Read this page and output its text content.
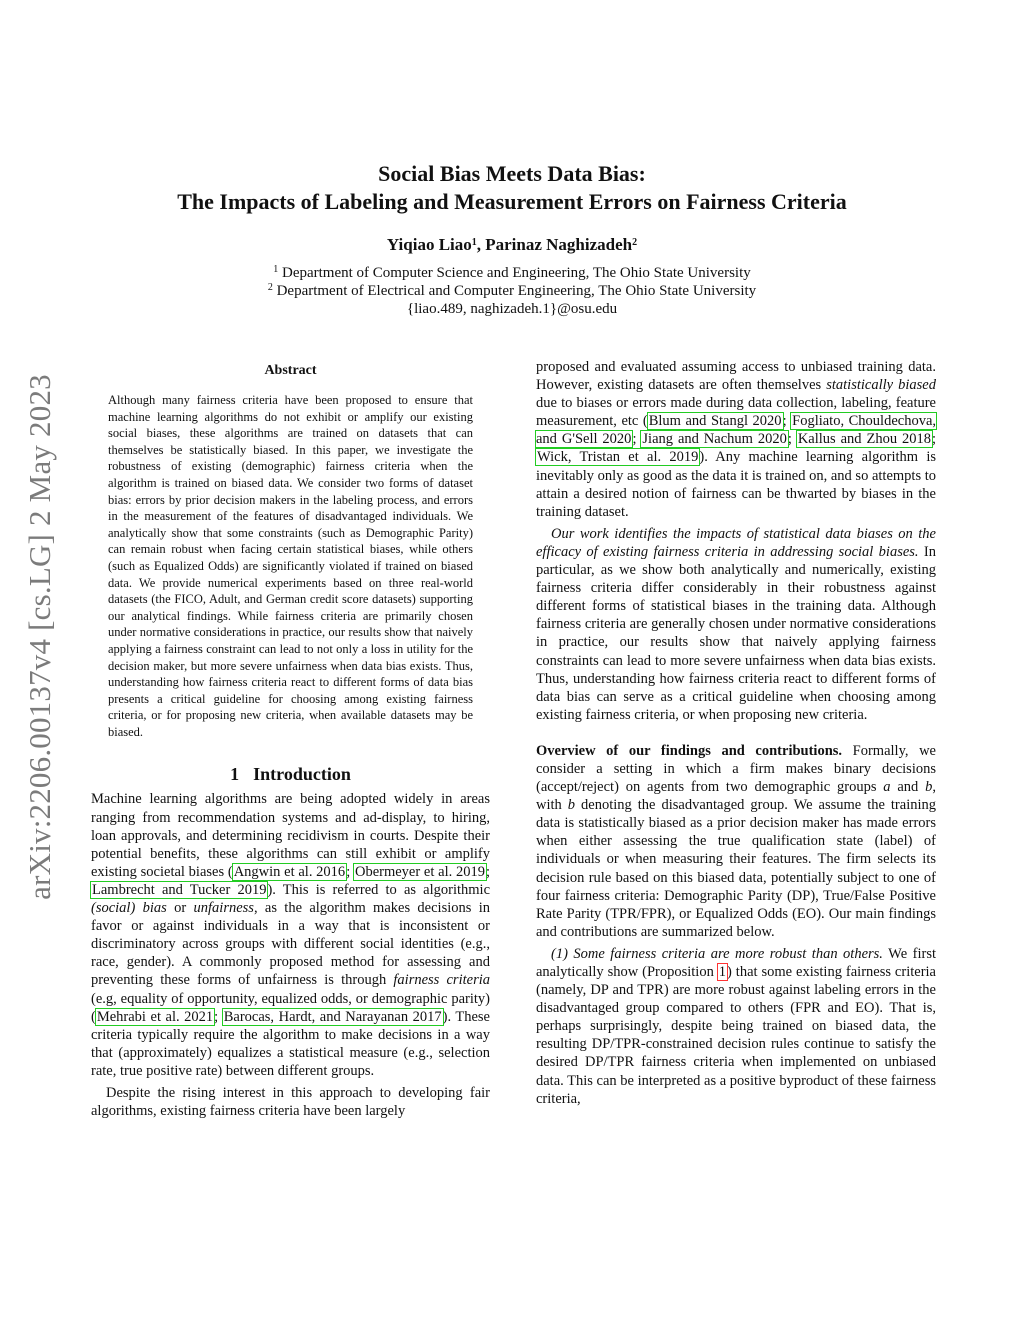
arXiv:2206.00137v4 [cs.LG] 2 May 2023
Social Bias Meets Data Bias:
The Impacts of Labeling and Measurement Errors on Fairness Criteria
Yiqiao Liao$^1$, Parinaz Naghizadeh$^2$
$^1$ Department of Computer Science and Engineering, The Ohio State University
$^2$ Department of Electrical and Computer Engineering, The Ohio State University
{liao.489, naghizadeh.1}@osu.edu
Abstract
Although many fairness criteria have been proposed to ensure that machine learning algorithms do not exhibit or amplify our existing social biases, these algorithms are trained on datasets that can themselves be statistically biased. In this paper, we investigate the robustness of existing (demographic) fairness criteria when the algorithm is trained on biased data. We consider two forms of dataset bias: errors by prior decision makers in the labeling process, and errors in the measurement of the features of disadvantaged individuals. We analytically show that some constraints (such as Demographic Parity) can remain robust when facing certain statistical biases, while others (such as Equalized Odds) are significantly violated if trained on biased data. We provide numerical experiments based on three real-world datasets (the FICO, Adult, and German credit score datasets) supporting our analytical findings. While fairness criteria are primarily chosen under normative considerations in practice, our results show that naively applying a fairness constraint can lead to not only a loss in utility for the decision maker, but more severe unfairness when data bias exists. Thus, understanding how fairness criteria react to different forms of data bias presents a critical guideline for choosing among existing fairness criteria, or for proposing new criteria, when available datasets may be biased.
1 Introduction

Machine learning algorithms are being adopted widely in areas ranging from recommendation systems and ad-display, to hiring, loan approvals, and determining recidivism in courts. Despite their potential benefits, these algorithms can still exhibit or amplify existing societal biases (Angwin et al. 2016; Obermeyer et al. 2019; Lambrecht and Tucker 2019). This is referred to as algorithmic (social) bias or unfairness, as the algorithm makes decisions in favor or against individuals in a way that is inconsistent or discriminatory across groups with different social identities (e.g., race, gender). A commonly proposed method for assessing and preventing these forms of unfairness is through fairness criteria (e.g, equality of opportunity, equalized odds, or demographic parity) (Mehrabi et al. 2021; Barocas, Hardt, and Narayanan 2017). These criteria typically require the algorithm to make decisions in a way that (approximately) equalizes a statistical measure (e.g., selection rate, true positive rate) between different groups.

Despite the rising interest in this approach to developing fair algorithms, existing fairness criteria have been largely

proposed and evaluated assuming access to unbiased training data. However, existing datasets are often themselves statistically biased due to biases or errors made during data collection, labeling, feature measurement, etc (Blum and Stangl 2020; Fogliato, Chouldechova, and G'Sell 2020; Jiang and Nachum 2020; Kallus and Zhou 2018; Wick, Tristan et al. 2019). Any machine learning algorithm is inevitably only as good as the data it is trained on, and so attempts to attain a desired notion of fairness can be thwarted by biases in the training dataset.

Our work identifies the impacts of statistical data biases on the efficacy of existing fairness criteria in addressing social biases. In particular, as we show both analytically and numerically, existing fairness criteria differ considerably in their robustness against different forms of statistical biases in the training data. Although fairness criteria are generally chosen under normative considerations in practice, our results show that naively applying fairness constraints can lead to more severe unfairness when data bias exists. Thus, understanding how fairness criteria react to different forms of data bias can serve as a critical guideline when choosing among existing fairness criteria, or when proposing new criteria.

Overview of our findings and contributions. Formally, we consider a setting in which a firm makes binary decisions (accept/reject) on agents from two demographic groups a and b, with b denoting the disadvantaged group. We assume the training data is statistically biased as a prior decision maker has made errors when either assessing the true qualification state (label) of individuals or when measuring their features. The firm selects its decision rule based on this biased data, potentially subject to one of four fairness criteria: Demographic Parity (DP), True/False Positive Rate Parity (TPR/FPR), or Equalized Odds (EO). Our main findings and contributions are summarized below.

(1) Some fairness criteria are more robust than others. We first analytically show (Proposition 1) that some existing fairness criteria (namely, DP and TPR) are more robust against labeling errors in the disadvantaged group compared to others (FPR and EO). That is, perhaps surprisingly, despite being trained on biased data, the resulting DP/TPR-constrained decision rules continue to satisfy the desired DP/TPR fairness criteria when implemented on unbiased data. This can be interpreted as a positive byproduct of these fairness criteria,
